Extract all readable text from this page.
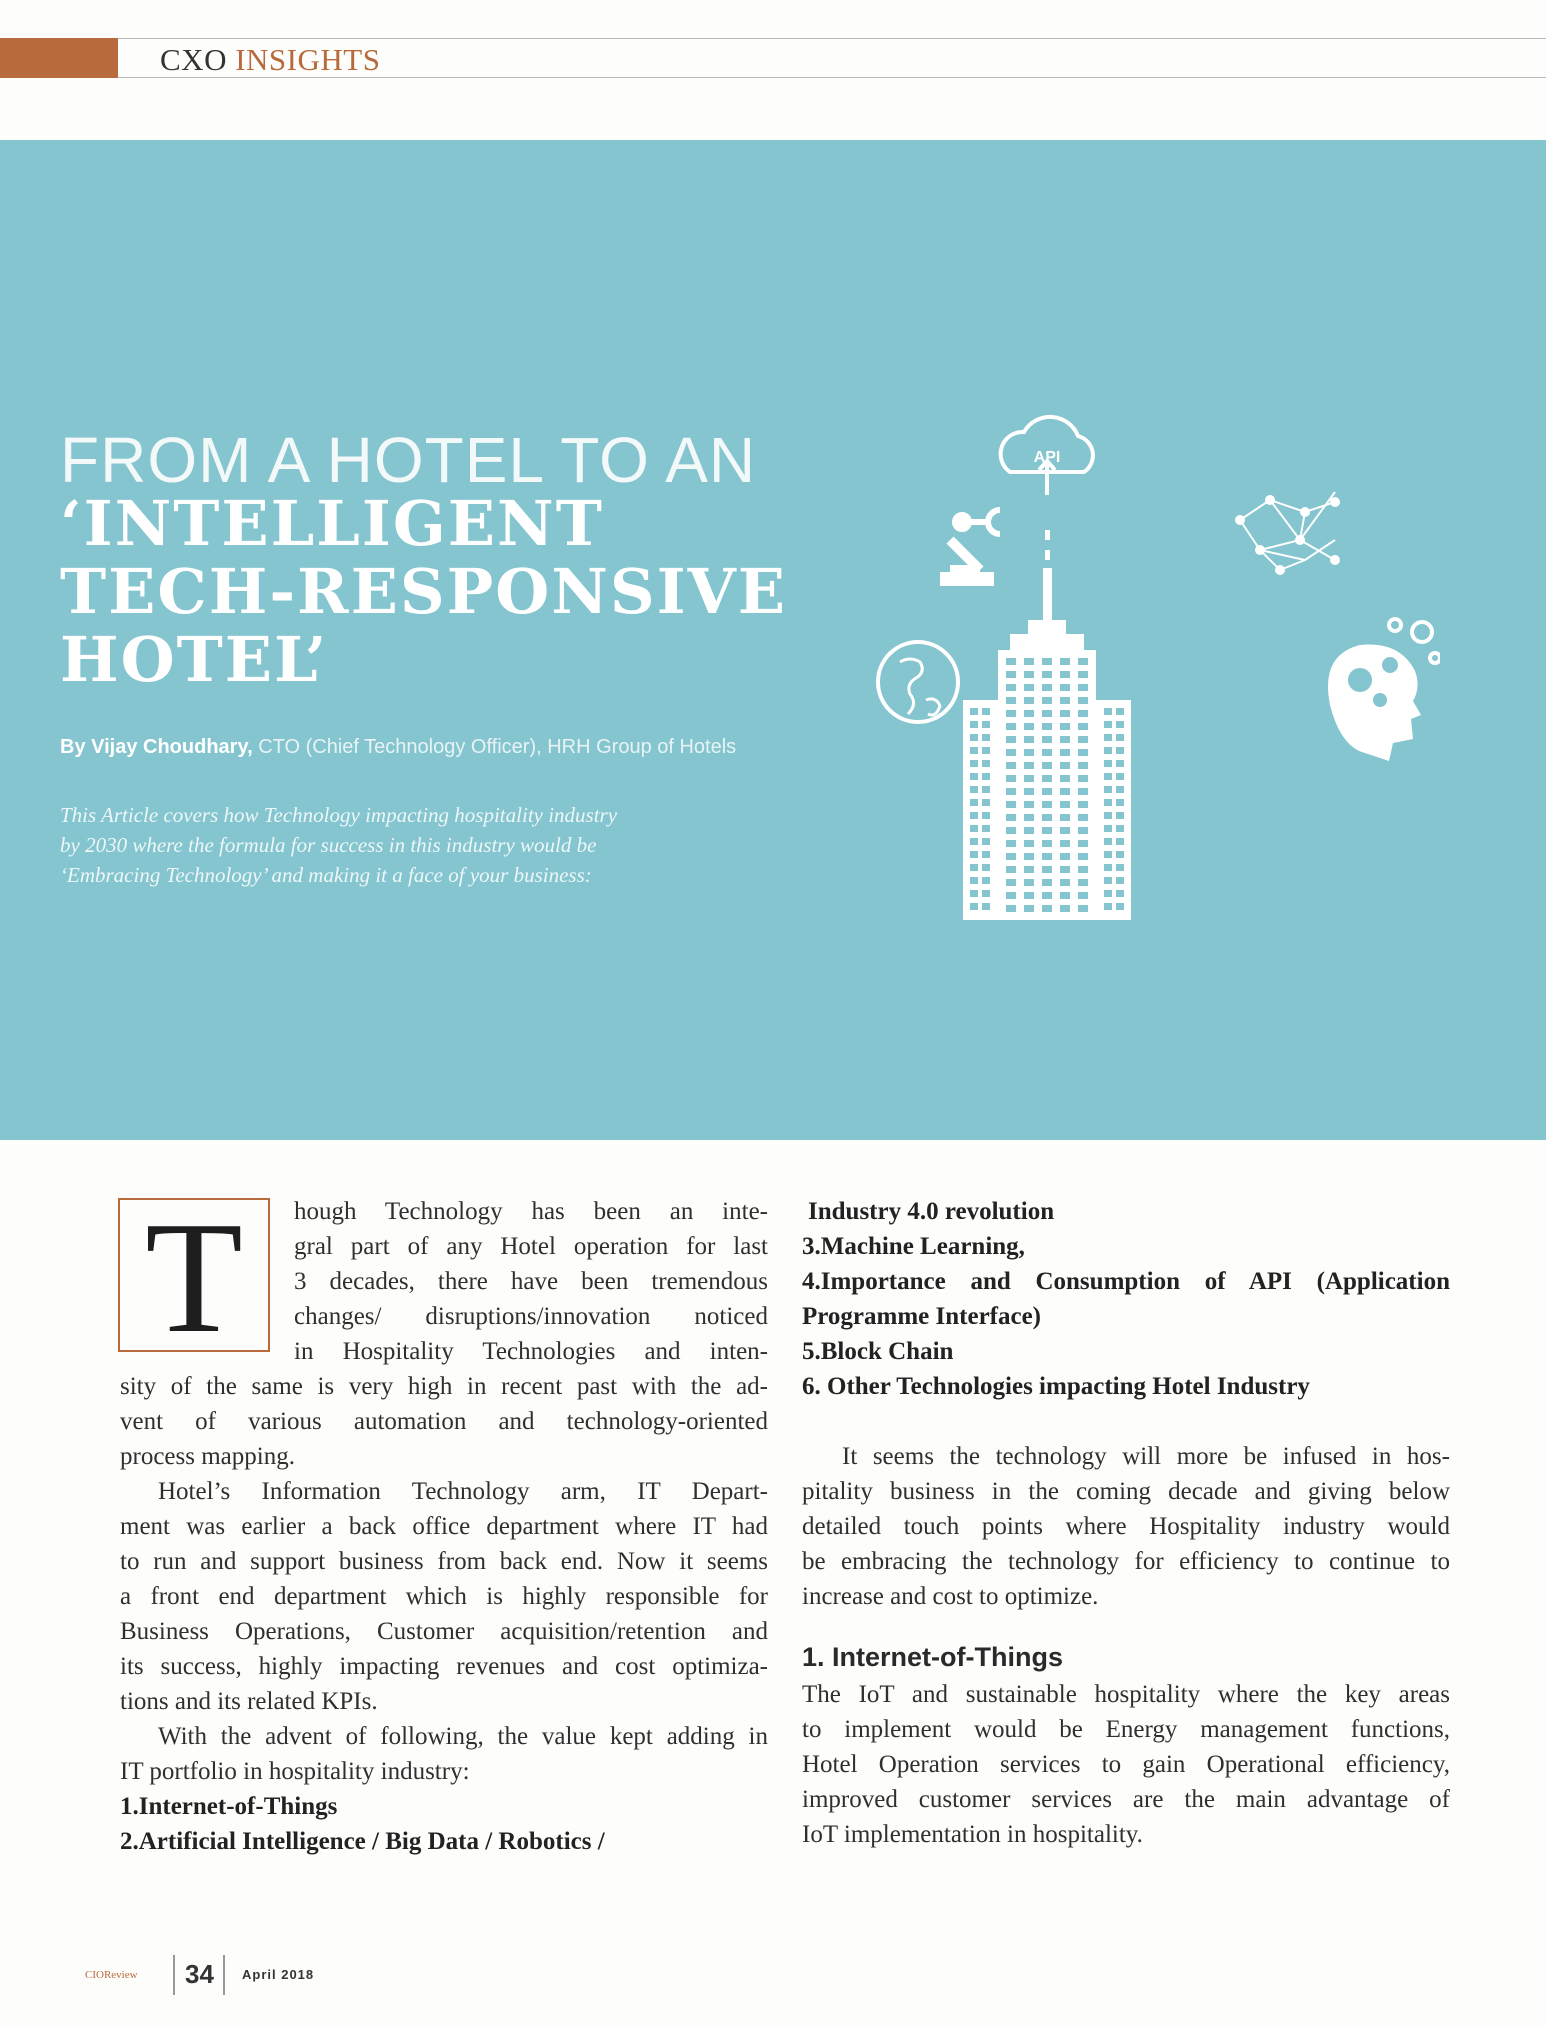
CXO INSIGHTS
FROM A HOTEL TO AN
‘INTELLIGENT
TECH-RESPONSIVE
HOTEL’
By Vijay Choudhary, CTO (Chief Technology Officer), HRH Group of Hotels
This Article covers how Technology impacting hospitality industry
by 2030 where the formula for success in this industry would be
‘Embracing Technology’ and making it a face of your business:
API
T	hough Technology has been an inte-
gral part of any Hotel operation for last
3 decades, there have been tremendous
changes/ disruptions/innovation noticed
in Hospitality Technologies and inten-
sity of the same is very high in recent past with the ad-
vent of various automation and technology-oriented
process mapping.
Hotel’s Information Technology arm, IT Depart-
ment was earlier a back office department where IT had
to run and support business from back end. Now it seems
a front end department which is highly responsible for
Business Operations, Customer acquisition/retention and
its success, highly impacting revenues and cost optimiza-
tions and its related KPIs.
With the advent of following, the value kept adding in
IT portfolio in hospitality industry:
1.Internet-of-Things
2.Artificial Intelligence / Big Data / Robotics /
Industry 4.0 revolution
3.Machine Learning,
4.Importance and Consumption of API (Application
Programme Interface)
5.Block Chain
6. Other Technologies impacting Hotel Industry
It seems the technology will more be infused in hos-
pitality business in the coming decade and giving below
detailed touch points where Hospitality industry would
be embracing the technology for efficiency to continue to
increase and cost to optimize.
1. Internet-of-Things
The IoT and sustainable hospitality where the key areas
to implement would be Energy management functions,
Hotel Operation services to gain Operational efficiency,
improved customer services are the main advantage of
IoT implementation in hospitality.
CIOReview 34 April 2018
